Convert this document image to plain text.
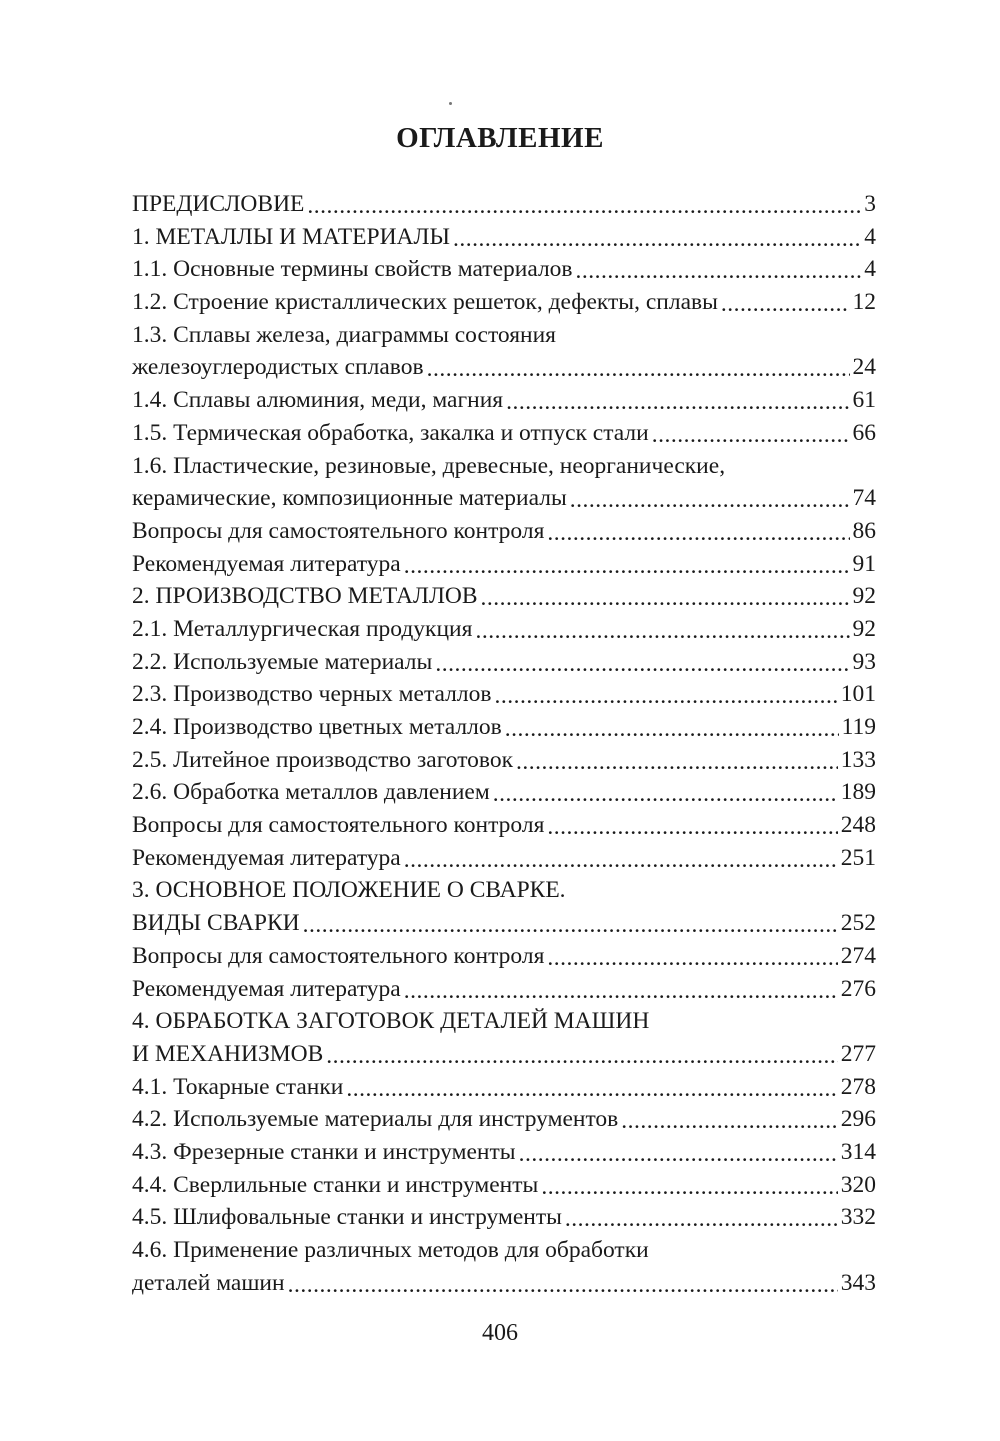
ОГЛАВЛЕНИЕ
ПРЕДИСЛОВИЕ .....	3
1. МЕТАЛЛЫ И МАТЕРИАЛЫ .....	4
1.1. Основные термины свойств материалов .....	4
1.2. Строение кристаллических решеток, дефекты, сплавы .....	12
1.3. Сплавы железа, диаграммы состояния
железоуглеродистых сплавов .....	24
1.4. Сплавы алюминия, меди, магния .....	61
1.5. Термическая обработка, закалка и отпуск стали .....	66
1.6. Пластические, резиновые, древесные, неорганические,
керамические, композиционные материалы .....	74
Вопросы для самостоятельного контроля .....	86
Рекомендуемая литература .....	91
2. ПРОИЗВОДСТВО МЕТАЛЛОВ .....	92
2.1. Металлургическая продукция .....	92
2.2. Используемые материалы .....	93
2.3. Производство черных металлов .....	101
2.4. Производство цветных металлов .....	119
2.5. Литейное производство заготовок .....	133
2.6. Обработка металлов давлением .....	189
Вопросы для самостоятельного контроля .....	248
Рекомендуемая литература .....	251
3. ОСНОВНОЕ ПОЛОЖЕНИЕ О СВАРКЕ.
ВИДЫ СВАРКИ .....	252
Вопросы для самостоятельного контроля .....	274
Рекомендуемая литература .....	276
4. ОБРАБОТКА ЗАГОТОВОК ДЕТАЛЕЙ МАШИН
И МЕХАНИЗМОВ .....	277
4.1. Токарные станки .....	278
4.2. Используемые материалы для инструментов .....	296
4.3. Фрезерные станки и инструменты .....	314
4.4. Сверлильные станки и инструменты .....	320
4.5. Шлифовальные станки и инструменты .....	332
4.6. Применение различных методов для обработки
деталей машин .....	343
406
